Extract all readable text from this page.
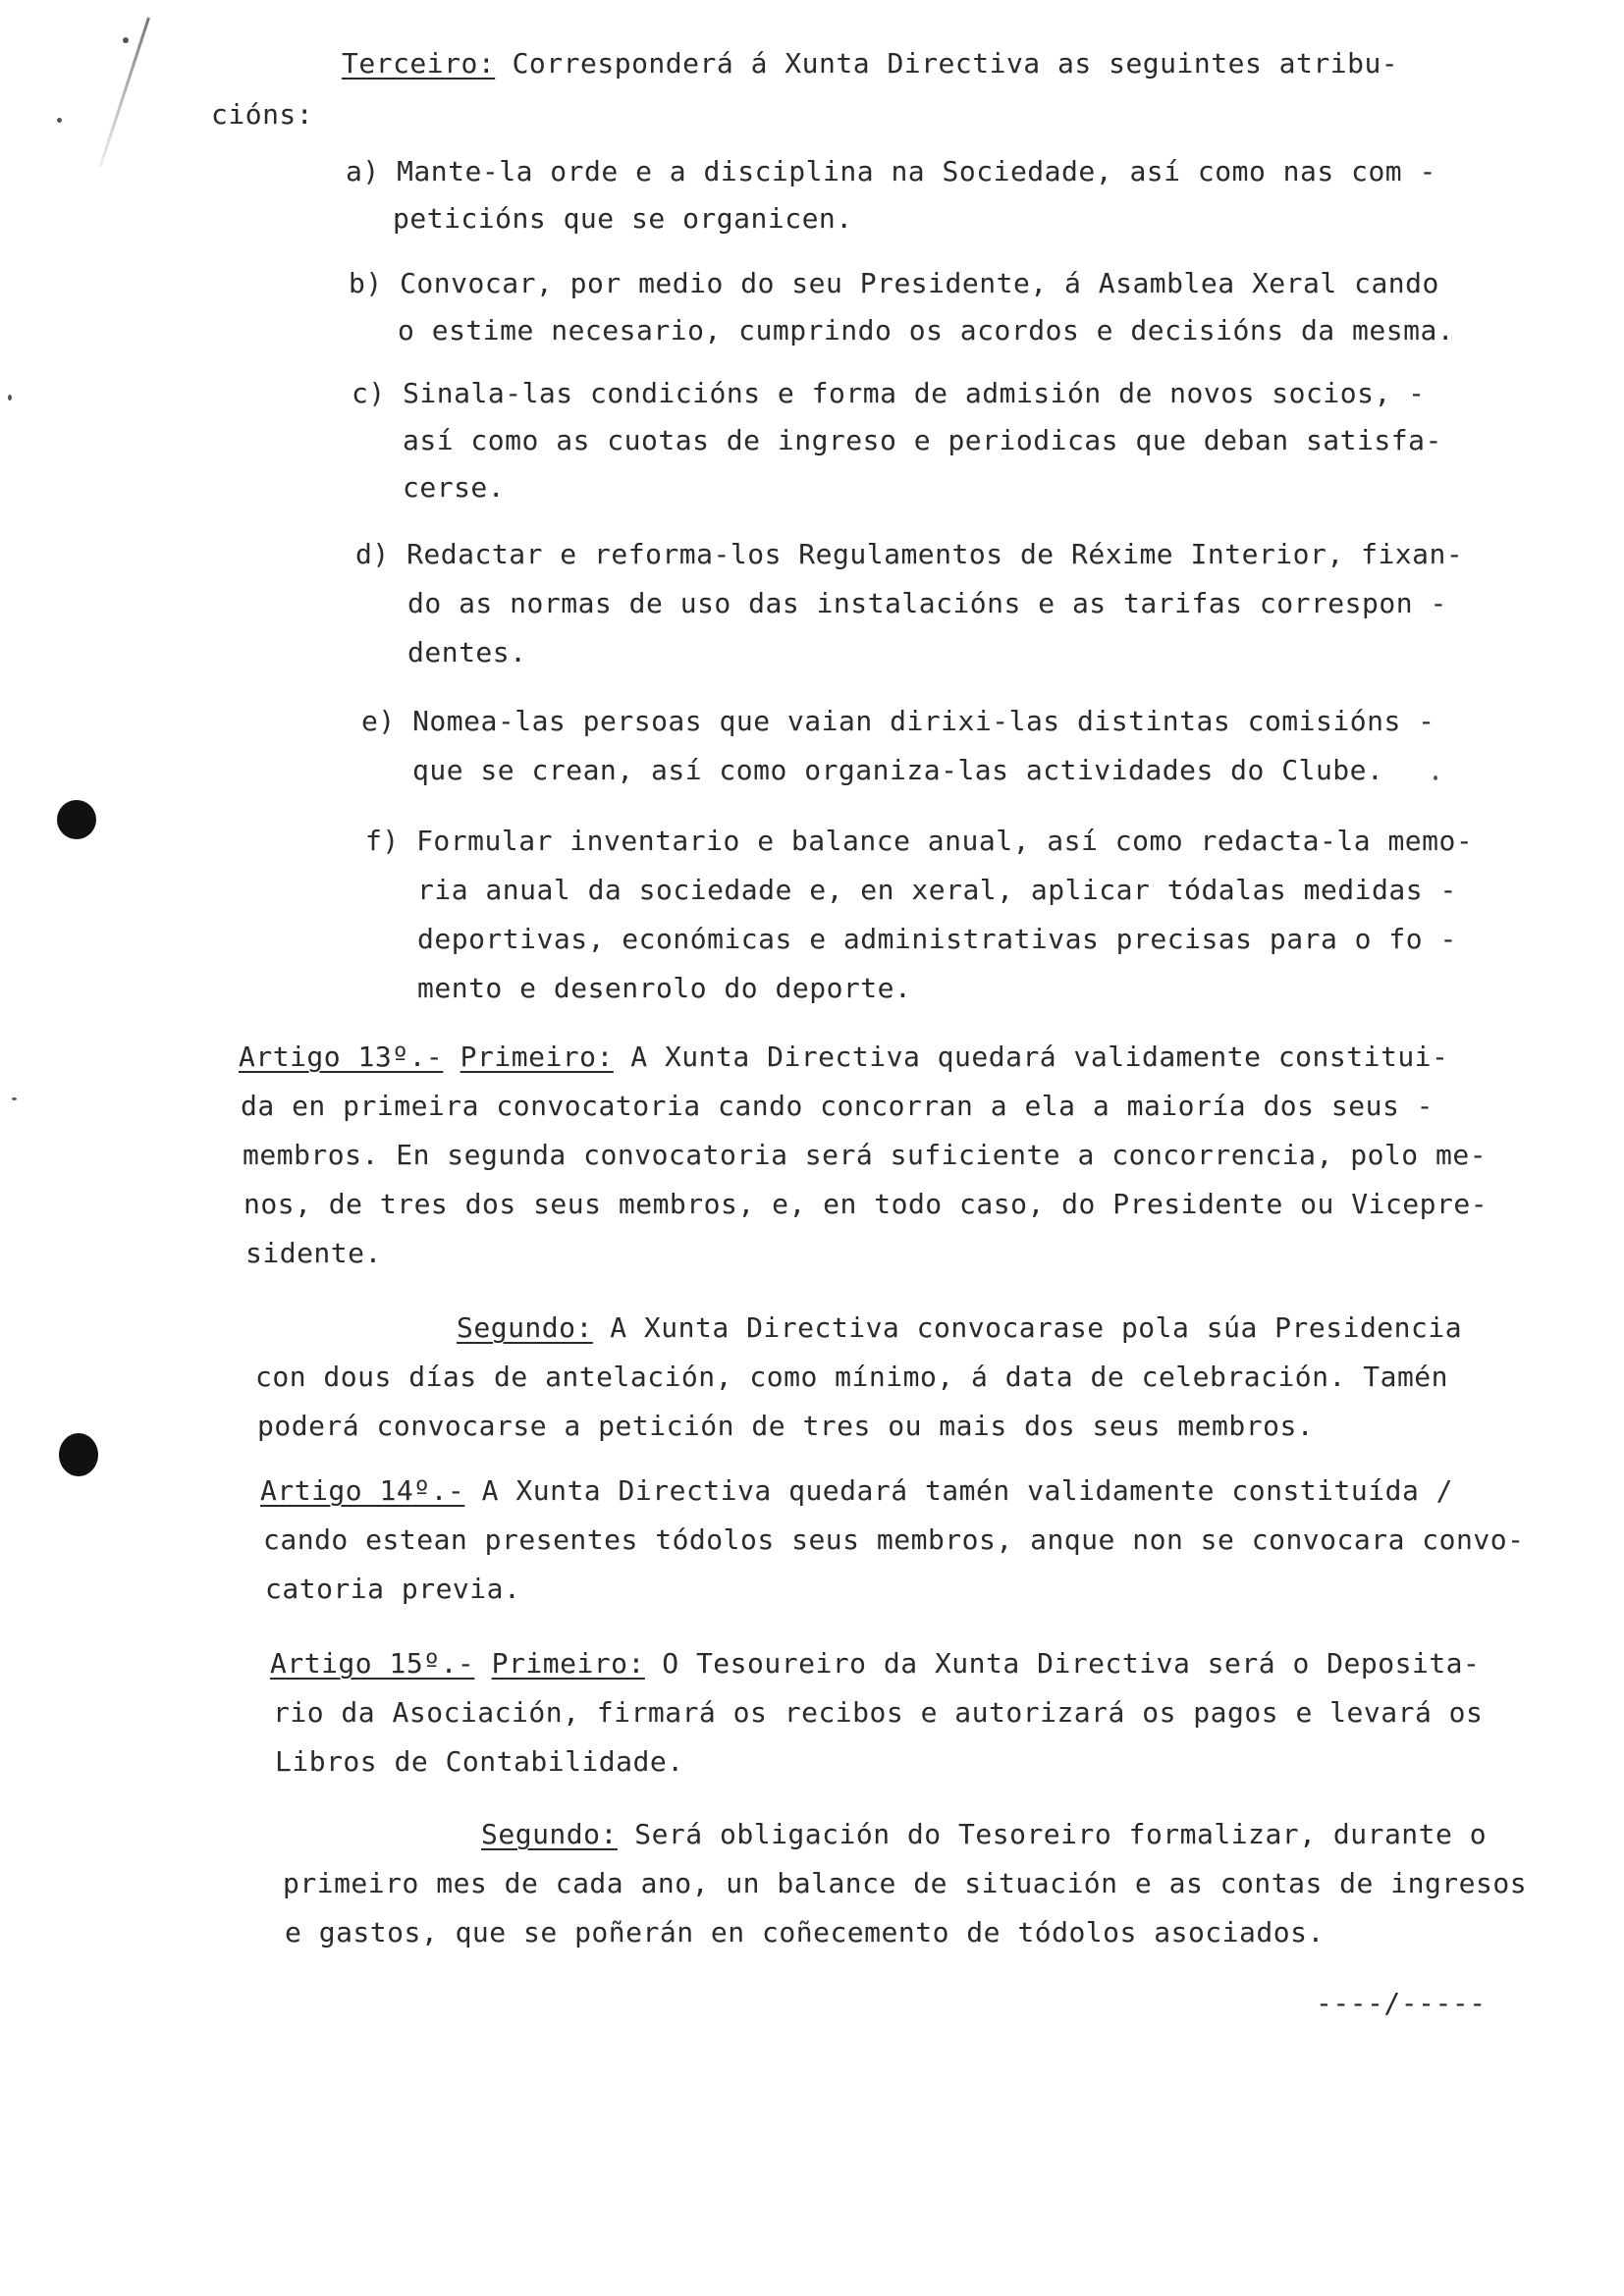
Terceiro: Corresponderá á Xunta Directiva as seguintes atribu-
cións:
a) Mante-la orde e a disciplina na Sociedade, así como nas com -
peticións que se organicen.
b) Convocar, por medio do seu Presidente, á Asamblea Xeral cando
o estime necesario, cumprindo os acordos e decisións da mesma.
c) Sinala-las condicións e forma de admisión de novos socios, -
así como as cuotas de ingreso e periodicas que deban satisfa-
cerse.
d) Redactar e reforma-los Regulamentos de Réxime Interior, fixan-
do as normas de uso das instalacións e as tarifas correspon -
dentes.
e) Nomea-las persoas que vaian dirixi-las distintas comisións -
que se crean, así como organiza-las actividades do Clube.
f) Formular inventario e balance anual, así como redacta-la memo-
ria anual da sociedade e, en xeral, aplicar tódalas medidas -
deportivas, económicas e administrativas precisas para o fo -
mento e desenrolo do deporte.
Artigo 13º.- Primeiro: A Xunta Directiva quedará validamente constitui-
da en primeira convocatoria cando concorran a ela a maioría dos seus -
membros. En segunda convocatoria será suficiente a concorrencia, polo me-
nos, de tres dos seus membros, e, en todo caso, do Presidente ou Vicepre-
sidente.
Segundo: A Xunta Directiva convocarase pola súa Presidencia
con dous días de antelación, como mínimo, á data de celebración. Tamén
poderá convocarse a petición de tres ou mais dos seus membros.
Artigo 14º.- A Xunta Directiva quedará tamén validamente constituída /
cando estean presentes tódolos seus membros, anque non se convocara convo-
catoria previa.
Artigo 15º.- Primeiro: O Tesoureiro da Xunta Directiva será o Deposita-
rio da Asociación, firmará os recibos e autorizará os pagos e levará os
Libros de Contabilidade.
Segundo: Será obligación do Tesoreiro formalizar, durante o
primeiro mes de cada ano, un balance de situación e as contas de ingresos
e gastos, que se poñerán en coñecemento de tódolos asociados.
----/-----
